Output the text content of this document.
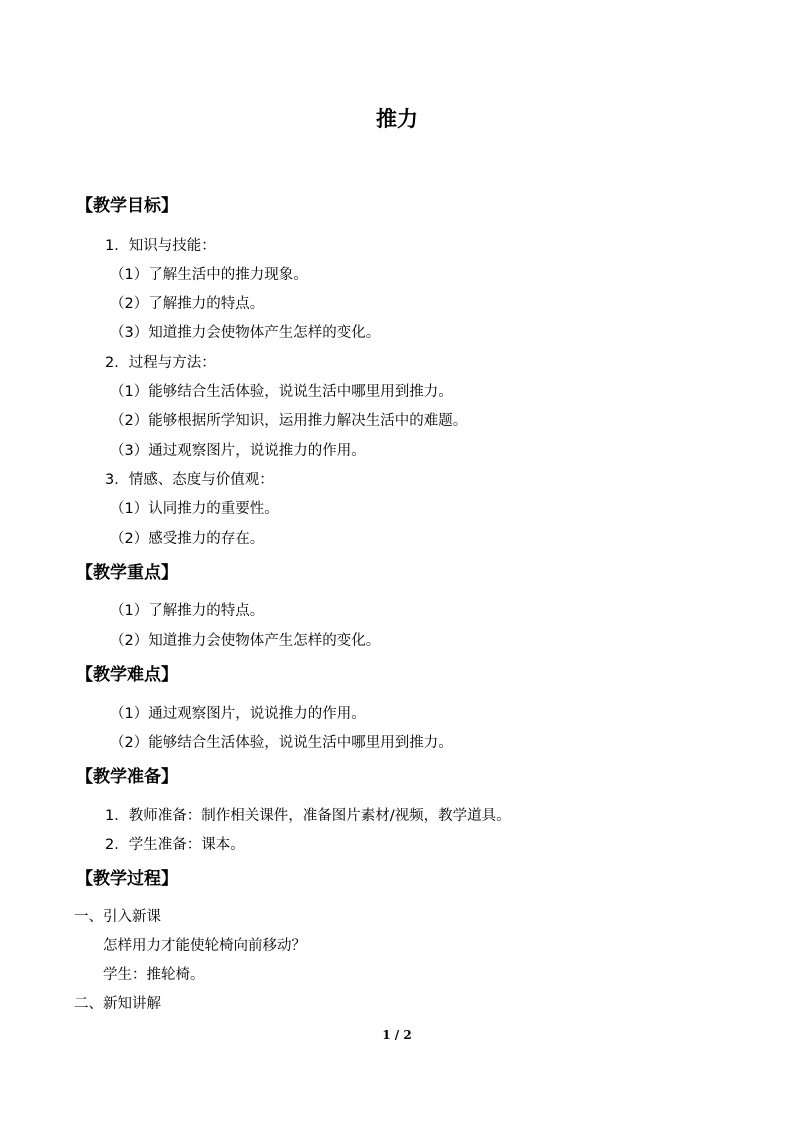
推力
【教学目标】
1．知识与技能：
（1）了解生活中的推力现象。
（2）了解推力的特点。
（3）知道推力会使物体产生怎样的变化。
2．过程与方法：
（1）能够结合生活体验，说说生活中哪里用到推力。
（2）能够根据所学知识，运用推力解决生活中的难题。
（3）通过观察图片，说说推力的作用。
3．情感、态度与价值观：
（1）认同推力的重要性。
（2）感受推力的存在。
【教学重点】
（1）了解推力的特点。
（2）知道推力会使物体产生怎样的变化。
【教学难点】
（1）通过观察图片，说说推力的作用。
（2）能够结合生活体验，说说生活中哪里用到推力。
【教学准备】
1．教师准备：制作相关课件，准备图片素材/视频，教学道具。
2．学生准备：课本。
【教学过程】
一、引入新课
怎样用力才能使轮椅向前移动？
学生：推轮椅。
二、新知讲解
1 / 2
